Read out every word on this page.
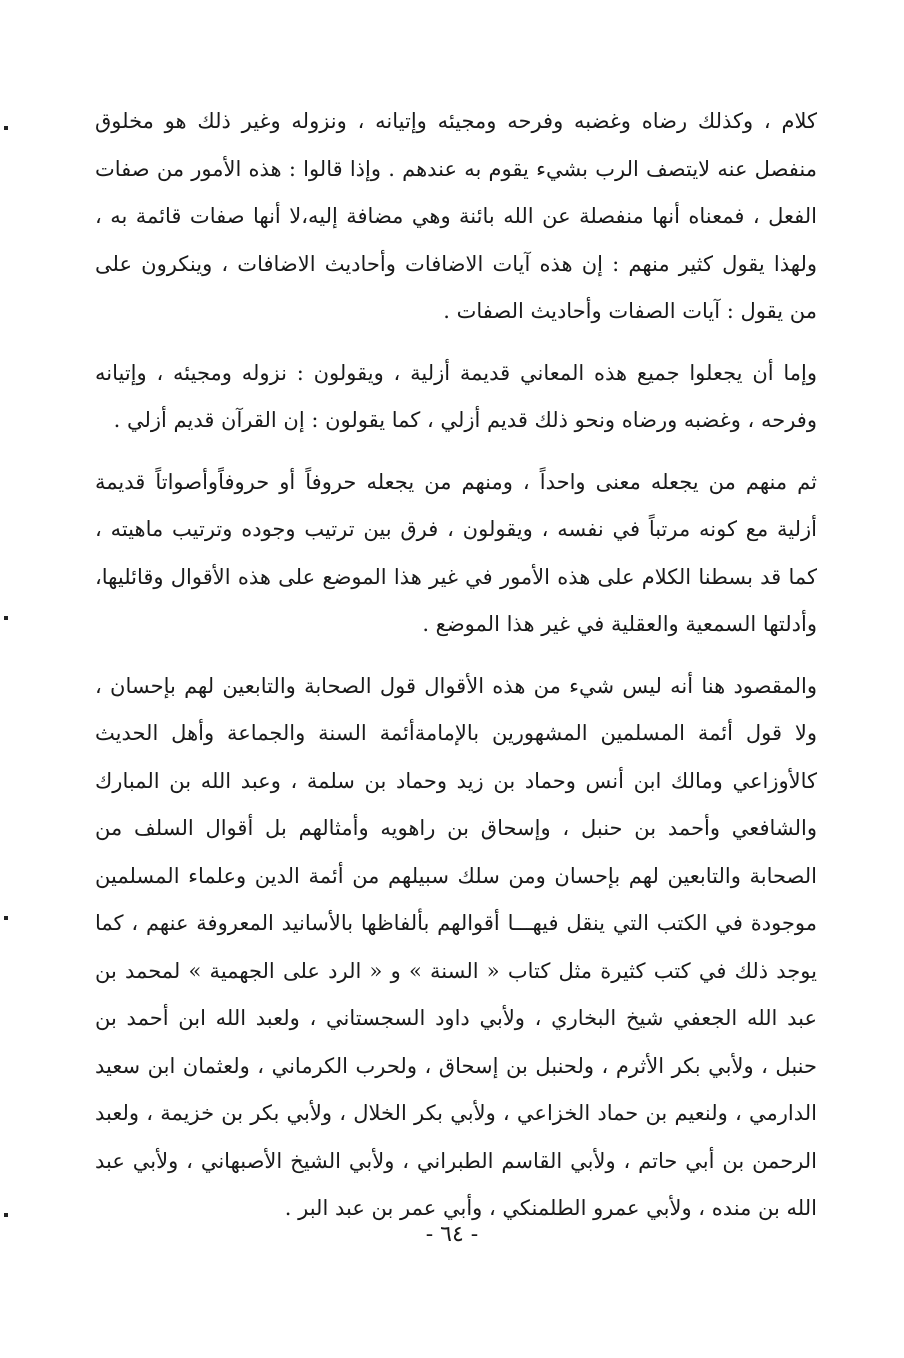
كلام ، وكذلك رضاه وغضبه وفرحه ومجيئه وإتيانه ، ونزوله وغير ذلك هو مخلوق منفصل عنه لايتصف الرب بشيء يقوم به عندهم . وإذا قالوا : هذه الأمور من صفات الفعل ، فمعناه أنها منفصلة عن الله بائنة وهي مضافة إليه،لا أنها صفات قائمة به ، ولهذا يقول كثير منهم : إن هذه آيات الاضافات وأحاديث الاضافات ، وينكرون على من يقول : آيات الصفات وأحاديث الصفات .

وإما أن يجعلوا جميع هذه المعاني قديمة أزلية ، ويقولون : نزوله ومجيئه ، وإتيانه وفرحه ، وغضبه ورضاه ونحو ذلك قديم أزلي ، كما يقولون : إن القرآن قديم أزلي .

ثم منهم من يجعله معنى واحداً ، ومنهم من يجعله حروفاً أو حروفاًوأصواتاً قديمة أزلية مع كونه مرتباً في نفسه ، ويقولون ، فرق بين ترتيب وجوده وترتيب ماهيته ، كما قد بسطنا الكلام على هذه الأمور في غير هذا الموضع على هذه الأقوال وقائليها، وأدلتها السمعية والعقلية في غير هذا الموضع .

والمقصود هنا أنه ليس شيء من هذه الأقوال قول الصحابة والتابعين لهم بإحسان ، ولا قول أئمة المسلمين المشهورين بالإمامةأئمة السنة والجماعة وأهل الحديث كالأوزاعي ومالك ابن أنس وحماد بن زيد وحماد بن سلمة ، وعبد الله بن المبارك والشافعي وأحمد بن حنبل ، وإسحاق بن راهويه وأمثالهم بل أقوال السلف من الصحابة والتابعين لهم بإحسان ومن سلك سبيلهم من أئمة الدين وعلماء المسلمين موجودة في الكتب التي ينقل فيهـــا أقوالهم بألفاظها بالأسانيد المعروفة عنهم ، كما يوجد ذلك في كتب كثيرة مثل كتاب « السنة » و « الرد على الجهمية » لمحمد بن عبد الله الجعفي شيخ البخاري ، ولأبي داود السجستاني ، ولعبد الله ابن أحمد بن حنبل ، ولأبي بكر الأثرم ، ولحنبل بن إسحاق ، ولحرب الكرماني ، ولعثمان ابن سعيد الدارمي ، ولنعيم بن حماد الخزاعي ، ولأبي بكر الخلال ، ولأبي بكر بن خزيمة ، ولعبد الرحمن بن أبي حاتم ، ولأبي القاسم الطبراني ، ولأبي الشيخ الأصبهاني ، ولأبي عبد الله بن منده ، ولأبي عمرو الطلمنكي ، وأبي عمر بن عبد البر .

- ٦٤ -
